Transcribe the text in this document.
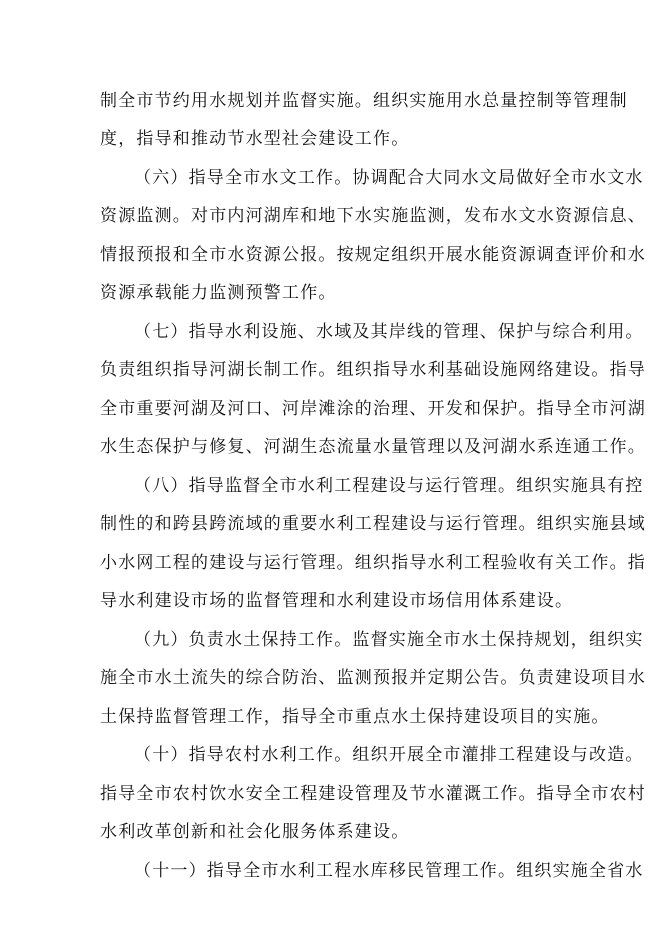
制全市节约用水规划并监督实施。组织实施用水总量控制等管理制
度，指导和推动节水型社会建设工作。
（六）指导全市水文工作。协调配合大同水文局做好全市水文水
资源监测。对市内河湖库和地下水实施监测，发布水文水资源信息、
情报预报和全市水资源公报。按规定组织开展水能资源调查评价和水
资源承载能力监测预警工作。
（七）指导水利设施、水域及其岸线的管理、保护与综合利用。
负责组织指导河湖长制工作。组织指导水利基础设施网络建设。指导
全市重要河湖及河口、河岸滩涂的治理、开发和保护。指导全市河湖
水生态保护与修复、河湖生态流量水量管理以及河湖水系连通工作。
（八）指导监督全市水利工程建设与运行管理。组织实施具有控
制性的和跨县跨流域的重要水利工程建设与运行管理。组织实施县域
小水网工程的建设与运行管理。组织指导水利工程验收有关工作。指
导水利建设市场的监督管理和水利建设市场信用体系建设。
（九）负责水土保持工作。监督实施全市水土保持规划，组织实
施全市水土流失的综合防治、监测预报并定期公告。负责建设项目水
土保持监督管理工作，指导全市重点水土保持建设项目的实施。
（十）指导农村水利工作。组织开展全市灌排工程建设与改造。
指导全市农村饮水安全工程建设管理及节水灌溉工作。指导全市农村
水利改革创新和社会化服务体系建设。
（十一）指导全市水利工程水库移民管理工作。组织实施全省水
